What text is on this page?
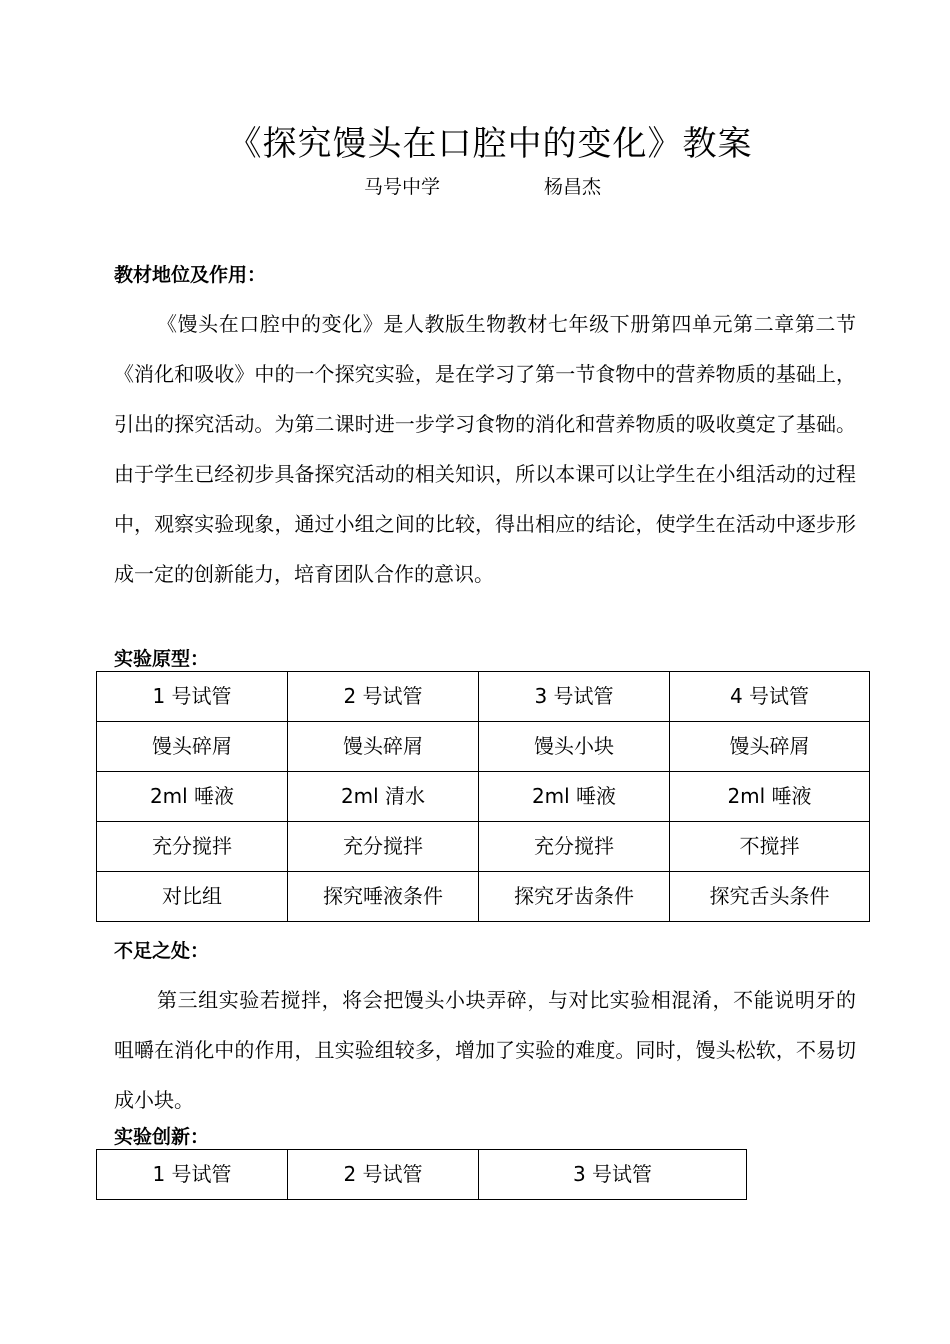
《探究馒头在口腔中的变化》教案
马号中学	杨昌杰
教材地位及作用：

《馒头在口腔中的变化》是人教版生物教材七年级下册第四单元第二章第二节《消化和吸收》中的一个探究实验，是在学习了第一节食物中的营养物质的基础上，引出的探究活动。为第二课时进一步学习食物的消化和营养物质的吸收奠定了基础。由于学生已经初步具备探究活动的相关知识，所以本课可以让学生在小组活动的过程中，观察实验现象，通过小组之间的比较，得出相应的结论，使学生在活动中逐步形成一定的创新能力，培育团队合作的意识。

实验原型：
1 号试管	2 号试管	3 号试管	4 号试管
馒头碎屑	馒头碎屑	馒头小块	馒头碎屑
2ml 唾液	2ml 清水	2ml 唾液	2ml 唾液
充分搅拌	充分搅拌	充分搅拌	不搅拌
对比组	探究唾液条件	探究牙齿条件	探究舌头条件
不足之处：

第三组实验若搅拌，将会把馒头小块弄碎，与对比实验相混淆，不能说明牙的咀嚼在消化中的作用，且实验组较多，增加了实验的难度。同时，馒头松软，不易切成小块。

实验创新：
1 号试管	2 号试管	3 号试管
